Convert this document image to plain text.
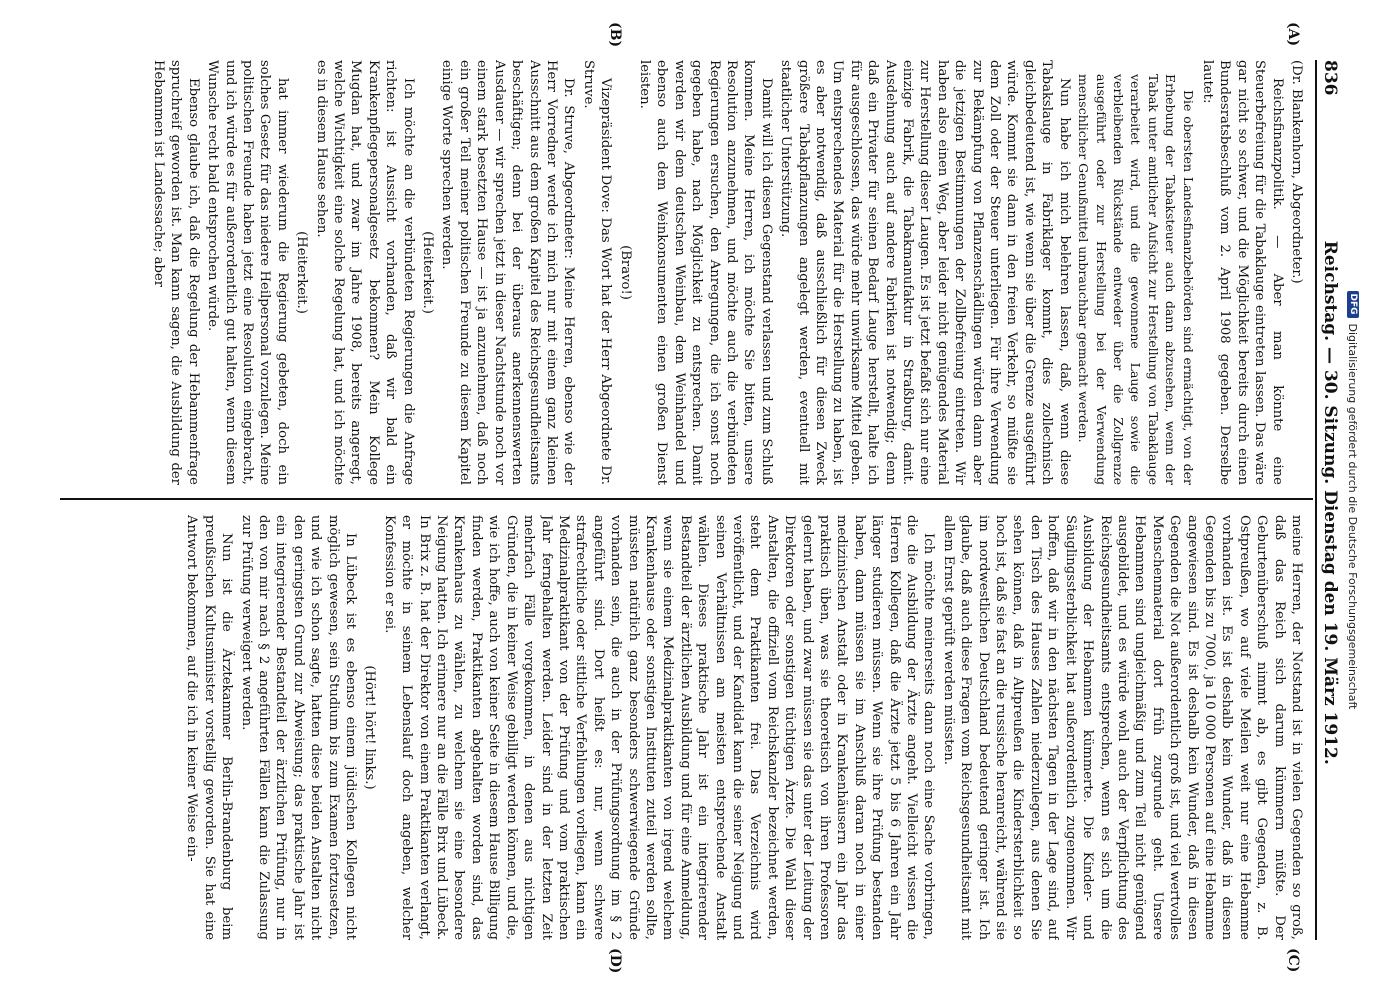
836
Reichstag. — 30. Sitzung. Dienstag den 19. März 1912.
(A)
(B)
(C)
(D)

(Dr. Blankenhorn, Abgeordneter.)

Reichsfinanzpolitik. — Aber man könnte eine Steuerbefreiung für die Tabaklauge eintreten lassen. Das wäre gar nicht so schwer, und die Möglichkeit bereits durch einen Bundesratsbeschluß vom 2. April 1908 gegeben. Derselbe lautet:

Die obersten Landesfinanzbehörden sind ermächtigt, von der Erhebung der Tabaksteuer auch dann abzusehen, wenn der Tabak unter amtlicher Aufsicht zur Herstellung von Tabaklauge verarbeitet wird, und die gewonnene Lauge sowie die verbleibenden Rückstände entweder über die Zollgrenze ausgeführt oder zur Herstellung bei der Verwendung menschlicher Genußmittel unbrauchbar gemacht werden.

Nun habe ich mich belehren lassen, daß, wenn diese Tabakslauge in Fabriklager kommt, dies zollechnisch gleichbedeutend ist, wie wenn sie über die Grenze ausgeführt würde. Kommt sie dann in den freien Verkehr, so müßte sie dem Zoll oder der Steuer unterliegen. Für ihre Verwendung zur Bekämpfung von Pflanzenschädlingen würden dann aber die jetzigen Bestimmungen der Zollbefreiung eintreten. Wir haben also einen Weg, aber leider nicht genügendes Material zur Herstellung dieser Laugen. Es ist jetzt befaßt sich nur eine einzige Fabrik, die Tabakmanufaktur in Straßburg, damit. Ausdehnung auch auf andere Fabriken ist notwendig; denn daß ein Privater für seinen Bedarf Lauge herstellt, halte ich für ausgeschlossen, das würde mehr unwirksame Mittel geben. Um entsprechendes Material für die Herstellung zu haben, ist es aber notwendig, daß ausschließlich für diesen Zweck größere Tabakpflanzungen angelegt werden, eventuell mit staatlicher Unterstützung.

Damit will ich diesen Gegenstand verlassen und zum Schluß kommen. Meine Herren, ich möchte Sie bitten, unsere Resolution anzunehmen, und möchte auch die verbündeten Regierungen ersuchen, den Anregungen, die ich sonst noch gegeben habe, nach Möglichkeit zu entsprechen. Damit werden wir dem deutschen Weinbau, dem Weinhandel und ebenso auch dem Weinkonsumenten einen großen Dienst leisten.

(Bravo!)

Vizepräsident Dove: Das Wort hat der Herr Abgeordnete Dr. Struve.

Dr. Struve, Abgeordneter: Meine Herren, ebenso wie der Herr Vorredner werde ich mich nur mit einem ganz kleinen Ausschnitt aus dem großen Kapitel des Reichsgesundheitsamts beschäftigen; denn bei der überaus anerkennenswerten Ausdauer — wir sprechen jetzt in dieser Nachtstunde noch vor einem stark besetzten Hause — ist ja anzunehmen, daß noch ein großer Teil meiner politischen Freunde zu diesem Kapitel einige Worte sprechen werden.

(Heiterkeit.)

Ich möchte an die verbündeten Regierungen die Anfrage richten: ist Aussicht vorhanden, daß wir bald ein Krankenpflegepersonalgesetz bekommen? Mein Kollege Mugdan hat, und zwar im Jahre 1908, bereits angeregt, welche Wichtigkeit eine solche Regelung hat, und ich möchte es in diesem Hause sehen.

(Heiterkeit.)

hat immer wiederum die Regierung gebeten, doch ein solches Gesetz für das niedere Heilpersonal vorzulegen. Meine politischen Freunde haben jetzt eine Resolution eingebracht, und ich würde es für außerordentlich gut halten, wenn diesem Wunsche recht bald entsprochen würde.

Ebenso glaube ich, daß die Regelung der Hebammenfrage spruchreif geworden ist. Man kann sagen, die Ausbildung der Hebammen ist Landessache; aber

meine Herren, der Notstand ist in vielen Gegenden so groß, daß das Reich sich darum kümmern müßte. Der Geburtenüberschuß nimmt ab, es gibt Gegenden, z. B. Ostpreußen, wo auf viele Meilen weit nur eine Hebamme vorhanden ist. Es ist deshalb kein Wunder, daß in diesen Gegenden bis zu 7000, ja 10 000 Personen auf eine Hebamme angewiesen sind. Es ist deshalb kein Wunder, daß in diesen Gegenden die Not außerordentlich groß ist, und viel wertvolles Menschenmaterial dort früh zugrunde geht. Unsere Hebammen sind ungleichmäßig und zum Teil nicht genügend ausgebildet, und es würde wohl auch der Verpflichtung des Reichsgesundheitsamts entsprechen, wenn es sich um die Ausbildung der Hebammen kümmerte. Die Kinder- und Säuglingssterblichkeit hat außerordentlich zugenommen. Wir hoffen, daß wir in den nächsten Tagen in der Lage sind, auf den Tisch des Hauses Zahlen niederzulegen, aus denen Sie sehen können, daß in Altpreußen die Kindersterblichkeit so hoch ist, daß sie fast an die russische heranreicht, während sie im nordwestlichen Deutschland bedeutend geringer ist. Ich glaube, daß auch diese Fragen vom Reichsgesundheitsamt mit allem Ernst geprüft werden müssten.

Ich möchte meinerseits dann noch eine Sache vorbringen, die die Ausbildung der Ärzte angeht. Vielleicht wissen die Herren Kollegen, daß die Ärzte jetzt 5 bis 6 Jahren ein Jahr länger studieren müssen. Wenn sie ihre Prüfung bestanden haben, dann müssen sie im Anschluß daran noch in einer medizinischen Anstalt oder in Krankenhäusern ein Jahr das praktisch üben, was sie theoretisch von ihren Professoren gelernt haben, und zwar müssen sie das unter der Leitung der Direktoren oder sonstigen tüchtigen Ärzte. Die Wahl dieser Anstalten, die offiziell vom Reichskanzler bezeichnet werden, steht dem Praktikanten frei. Das Verzeichnis wird veröffentlicht, und der Kandidat kann die seiner Neigung und seinen Verhältnissen am meisten entsprechende Anstalt wählen. Dieses praktische Jahr ist ein integrierender Bestandteil der ärztlichen Ausbildung und für eine Anmeldung, wenn sie einem Medizinalpraktikanten von irgend welchem Krankenhause oder sonstigen Instituten zuteil werden sollte, müssten natürlich ganz besonders schwerwiegende Gründe vorhanden sein, die auch in der Prüfungsordnung im § 2 angeführt sind. Dort heißt es: nur, wenn schwere strafrechtliche oder sittliche Verfehlungen vorliegen, kann ein Medizinalpraktikant von der Prüfung und vom praktischen Jahr ferngehalten werden. Leider sind in der letzten Zeit mehrfach Fälle vorgekommen, in denen aus nichtigen Gründen, die in keiner Weise gebilligt werden können, und die, wie ich hoffe, auch von keiner Seite in diesem Hause Billigung finden werden, Praktikanten abgehalten worden sind, das Krankenhaus zu wählen, zu welchem sie eine besondere Neigung hatten. Ich erinnere nur an die Fälle Brix und Lübeck. In Brix z. B. hat der Direktor von einem Praktikanten verlangt, er möchte in seinem Lebenslauf doch angeben, welcher Konfession er sei.

(Hört! hört! links.)

In Lübeck ist es ebenso einem jüdischen Kollegen nicht möglich gewesen, sein Studium bis zum Examen fortzusetzen, und wie ich schon sagte, hatten diese beiden Anstalten nicht den geringsten Grund zur Abweisung; das praktische Jahr ist ein integrierender Bestandteil der ärztlichen Prüfung, nur in den von mir nach § 2 angeführten Fällen kann die Zulassung zur Prüfung verweigert werden.

Nun ist die Ärztekammer Berlin-Brandenburg beim preußischen Kultusminister vorstellig geworden. Sie hat eine Antwort bekommen, auf die ich in keiner Weise ein-

DFG
Digitalisierung gefördert durch die Deutsche Forschungsgemeinschaft
